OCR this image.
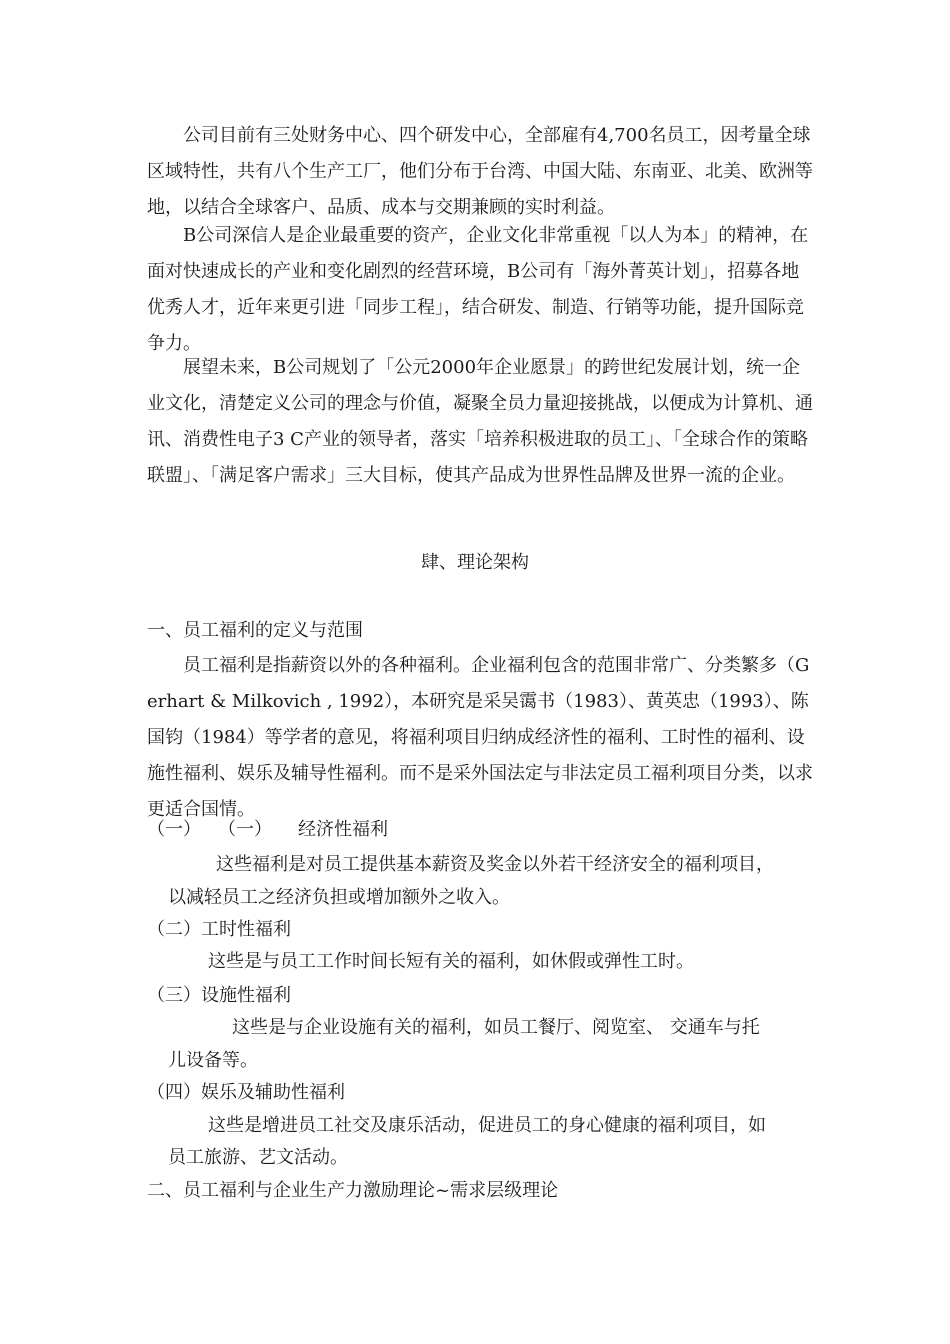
公司目前有三处财务中心、四个研发中心，全部雇有4,700名员工，因考量全球区域特性，共有八个生产工厂，他们分布于台湾、中国大陆、东南亚、北美、欧洲等地，以结合全球客户、品质、成本与交期兼顾的实时利益。

B公司深信人是企业最重要的资产，企业文化非常重视「以人为本」的精神，在面对快速成长的产业和变化剧烈的经营环境，B公司有「海外菁英计划」，招募各地优秀人才，近年来更引进「同步工程」，结合研发、制造、行销等功能，提升国际竞争力。

展望未来，B公司规划了「公元2000年企业愿景」的跨世纪发展计划，统一企业文化，清楚定义公司的理念与价值，凝聚全员力量迎接挑战，以便成为计算机、通讯、消费性电子3 C产业的领导者，落实「培养积极进取的员工」、「全球合作的策略联盟」、「满足客户需求」三大目标，使其产品成为世界性品牌及世界一流的企业。

肆、理论架构
一、员工福利的定义与范围

员工福利是指薪资以外的各种福利。企业福利包含的范围非常广、分类繁多（Gerhart & Milkovich , 1992），本研究是采吴霭书（1983）、黄英忠（1993）、陈国钧（1984）等学者的意见，将福利项目归纳成经济性的福利、工时性的福利、设施性福利、娱乐及辅导性福利。而不是采外国法定与非法定员工福利项目分类，以求更适合国情。

（一） （一） 经济性福利
这些福利是对员工提供基本薪资及奖金以外若干经济安全的福利项目，
以减轻员工之经济负担或增加额外之收入。
（二）工时性福利
这些是与员工工作时间长短有关的福利，如休假或弹性工时。
（三）设施性福利
这些是与企业设施有关的福利，如员工餐厅、阅览室、 交通车与托
儿设备等。
（四）娱乐及辅助性福利
这些是增进员工社交及康乐活动，促进员工的身心健康的福利项目，如
员工旅游、艺文活动。
二、员工福利与企业生产力激励理论~需求层级理论
